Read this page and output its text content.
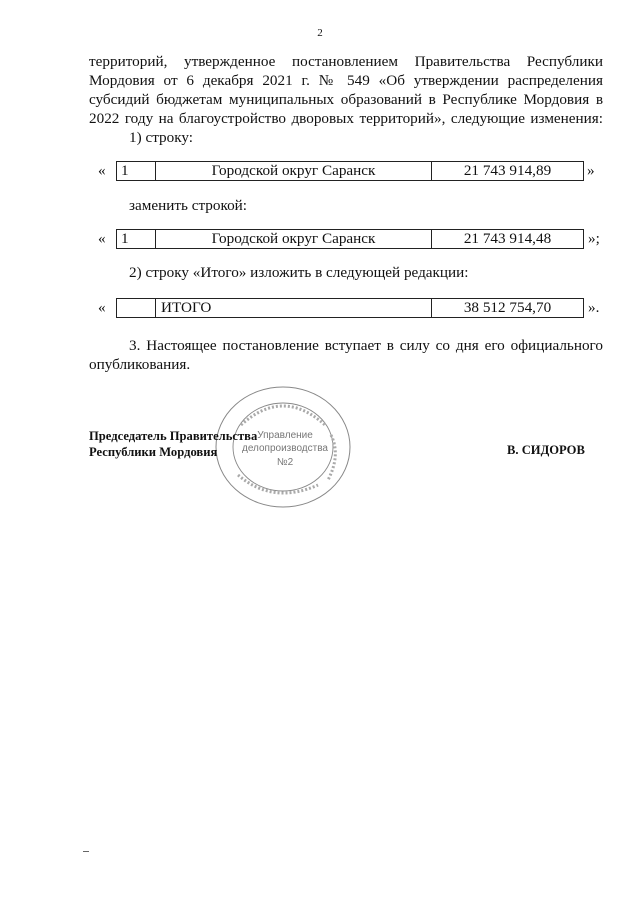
2

территорий, утвержденное постановлением Правительства Республики
Мордовия от 6 декабря 2021 г. № 549 «Об утверждении распределения
субсидий бюджетам муниципальных образований в Республике Мордовия в
2022 году на благоустройство дворовых территорий», следующие изменения:

1) строку:

« 1	Городской округ Саранск	21 743 914,89	»

заменить строкой:

« 1	Городской округ Саранск	21 743 914,48	»;

2) строку «Итого» изложить в следующей редакции:

«	ИТОГО	38 512 754,70	».

3. Настоящее постановление вступает в силу со дня его официального
опубликования.

Управление
делопроизводства
№2
Председатель Правительства
Республики Мордовия	В. СИДОРОВ
